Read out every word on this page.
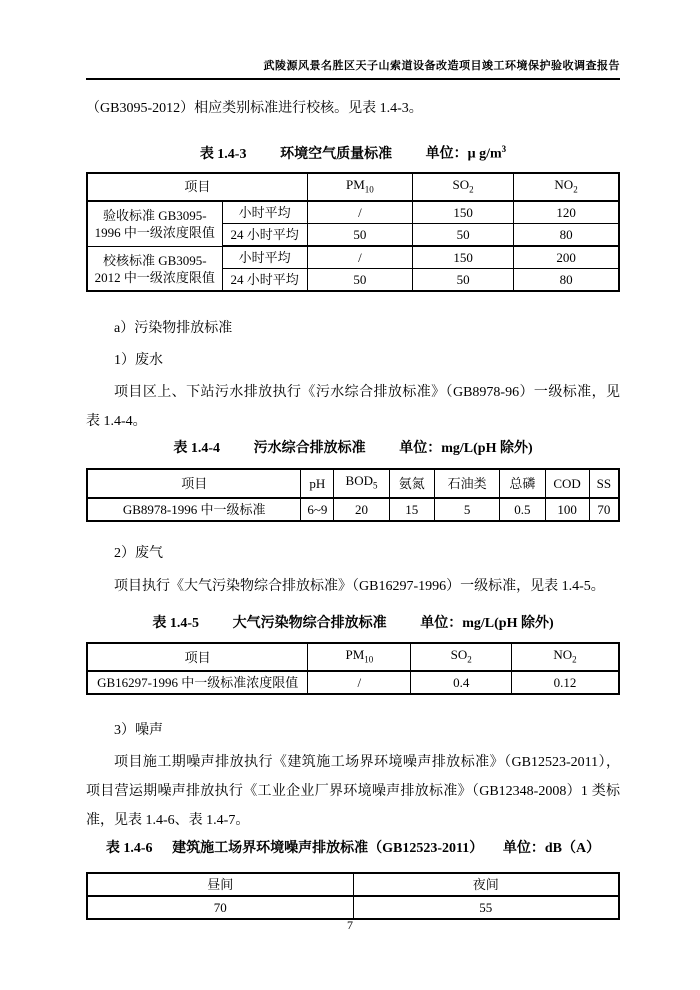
武陵源风景名胜区天子山索道设备改造项目竣工环境保护验收调查报告

（GB3095-2012）相应类别标准进行校核。见表 1.4-3。

表 1.4-3 环境空气质量标准 单位：μ $g/m^3$
项目		$PM_{10}$	$SO_2$	$NO_2$
验收标准 GB3095-1996 中一级浓度限值	小时平均	/	150	120
	24 小时平均	50	50	80
校核标准 GB3095-2012 中一级浓度限值	小时平均	/	150	200
	24 小时平均	50	50	80

a）污染物排放标准

1）废水

项目区上、下站污水排放执行《污水综合排放标准》（GB8978-96）一级标准，见表 1.4-4。

表 1.4-4 污水综合排放标准 单位：mg/L(pH 除外)
项目	pH	$BOD_5$	氨氮	石油类	总磷	COD	SS
GB8978-1996 中一级标准	6~9	20	15	5	0.5	100	70

2）废气

项目执行《大气污染物综合排放标准》（GB16297-1996）一级标准，见表 1.4-5。

表 1.4-5 大气污染物综合排放标准 单位：mg/L(pH 除外)
项目	$PM_{10}$	$SO_2$	$NO_2$
GB16297-1996 中一级标准浓度限值	/	0.4	0.12

3）噪声

项目施工期噪声排放执行《建筑施工场界环境噪声排放标准》（GB12523-2011），项目营运期噪声排放执行《工业企业厂界环境噪声排放标准》（GB12348-2008）1 类标准，见表 1.4-6、表 1.4-7。

表 1.4-6 建筑施工场界环境噪声排放标准（GB12523-2011） 单位：dB（A）
昼间	夜间
70	55
7
